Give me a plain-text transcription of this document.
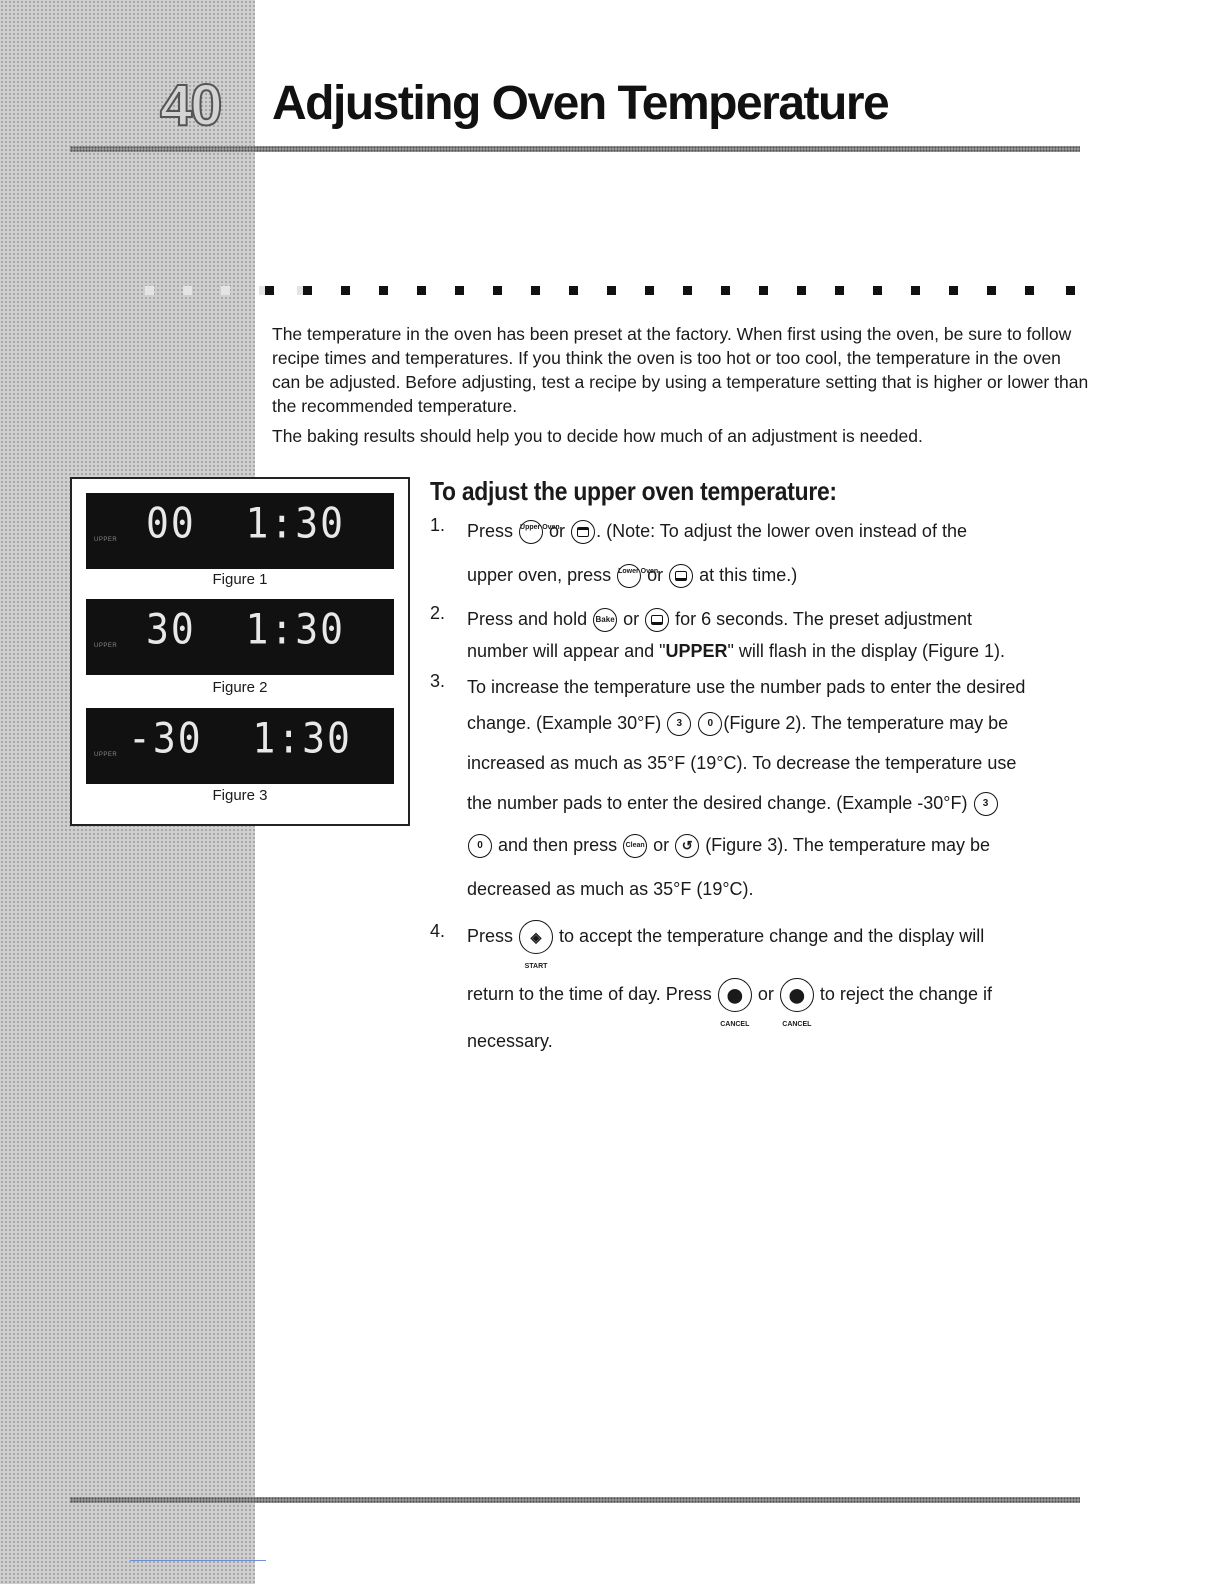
40 Adjusting Oven Temperature

The temperature in the oven has been preset at the factory. When first using the oven, be sure to follow recipe times and temperatures. If you think the oven is too hot or too cool, the temperature in the oven can be adjusted. Before adjusting, test a recipe by using a temperature setting that is higher or lower than the recommended temperature.

The baking results should help you to decide how much of an adjustment is needed.

00  1:30
UPPER
Figure 1
30  1:30
UPPER
Figure 2
-30  1:30
UPPER
Figure 3
To adjust the upper oven temperature:
1. Press Upper Oven or . (Note: To adjust the lower oven instead of the
upper oven, press Lower Oven or at this time.)
2. Press and hold Bake or for 6 seconds. The preset adjustment
number will appear and "UPPER" will flash in the display (Figure 1).
3. To increase the temperature use the number pads to enter the desired
change. (Example 30°F) 3	0 (Figure 2). The temperature may be
increased as much as 35°F (19°C). To decrease the temperature use
the number pads to enter the desired change. (Example -30°F) 3
0 and then press Clean or ↺ (Figure 3). The temperature may be
decreased as much as 35°F (19°C).
4. Press ◈
START
to accept the temperature change and the display will
return to the time of day. Press ⬤
CANCEL
or ⬤
CANCEL
to reject the change if
necessary.
